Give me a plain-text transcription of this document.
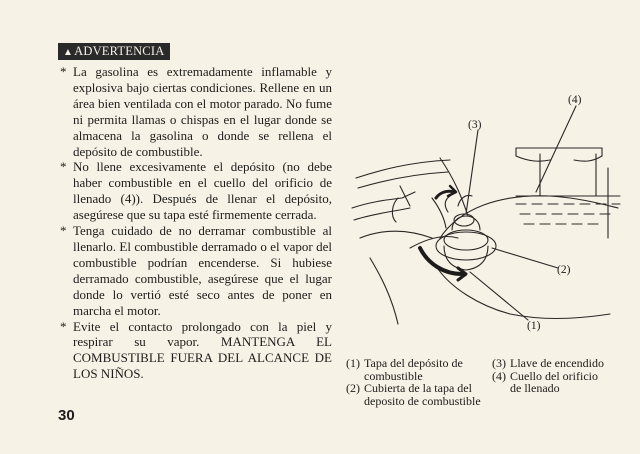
▲ADVERTENCIA
* La gasolina es extremadamente inflamable y explosiva bajo ciertas condiciones. Rellene en un área bien ventilada con el motor parado. No fume ni permita llamas o chispas en el lugar donde se almacena la gasolina o donde se rellena el depósito de combustible.
* No llene excesivamente el depósito (no debe haber combustible en el cuello del orificio de llenado (4)). Después de llenar el depósito, asegúrese que su tapa esté firmemente cerrada.
* Tenga cuidado de no derramar combustible al llenarlo. El combustible derramado o el vapor del combustible podrían encenderse. Si hubiese derramado combustible, asegúrese que el lugar donde lo vertió esté seco antes de poner en marcha el motor.
* Evite el contacto prolongado con la piel y respirar su vapor. MANTENGA EL COMBUSTIBLE FUERA DEL ALCANCE DE LOS NIÑOS.
30
(3)
(4)
(2)
(1)
(1) Tapa del depósito de
combustible
(2) Cubierta de la tapa del
deposito de combustible
(3) Llave de encendido
(4) Cuello del orificio
de llenado
